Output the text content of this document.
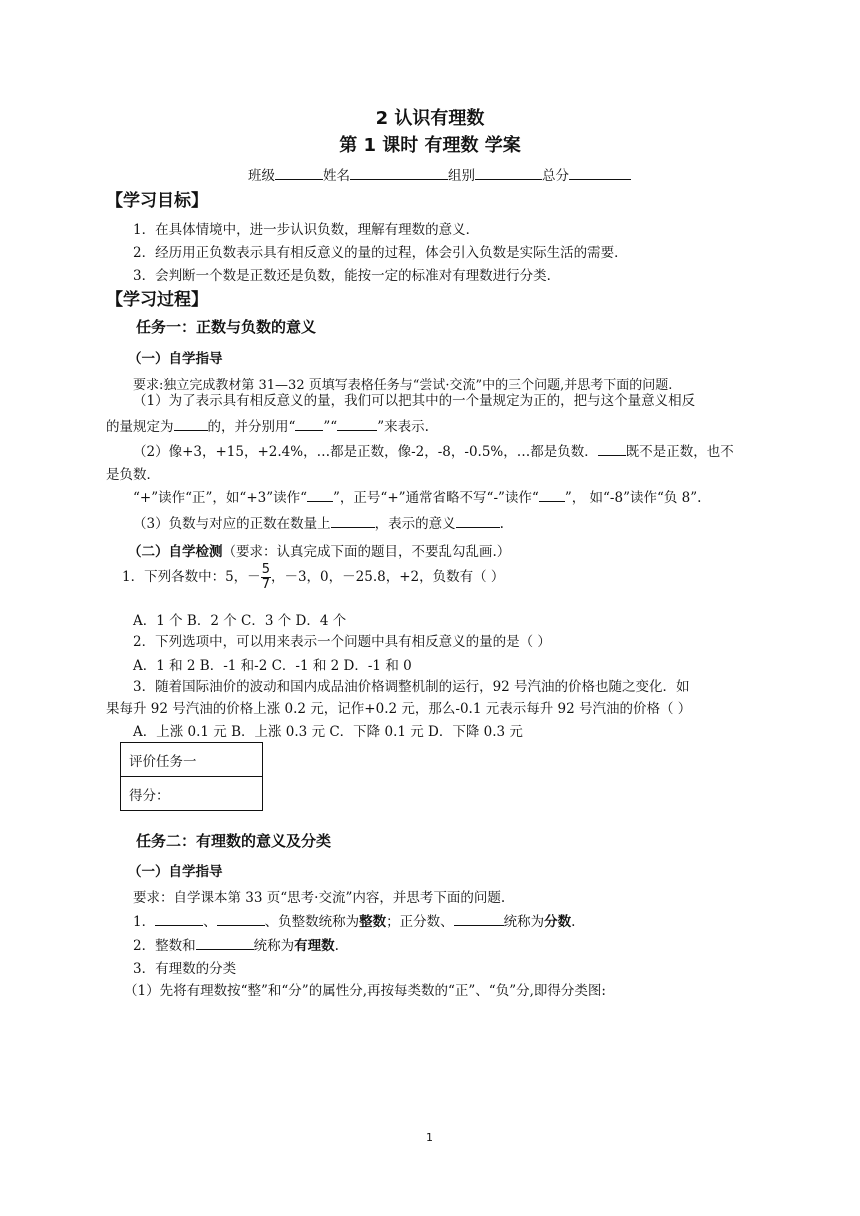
2 认识有理数
第 1 课时 有理数 学案
班级	姓名	组别	总分
【学习目标】
1．在具体情境中，进一步认识负数，理解有理数的意义．
2．经历用正负数表示具有相反意义的量的过程，体会引入负数是实际生活的需要．
3．会判断一个数是正数还是负数，能按一定的标准对有理数进行分类．
【学习过程】
任务一：正数与负数的意义
（一）自学指导
要求:独立完成教材第 31—32 页填写表格任务与“尝试·交流”中的三个问题,并思考下面的问题.
（1）为了表示具有相反意义的量，我们可以把其中的一个量规定为正的，把与这个量意义相反
的量规定为	的，并分别用“ ”“	”来表示.
（2）像+3，+15，+2.4%，…都是正数，像-2，-8，-0.5%，…都是负数． 既不是正数，也不
是负数．
“+”读作“正”，如“+3”读作“ ”，正号“+”通常省略不写“-”读作“ ”， 如“-8”读作“负 8”.
（3）负数与对应的正数在数量上	，表示的意义	.
（二）自学检测（要求：认真完成下面的题目，不要乱勾乱画.）
1．下列各数中：5，－ $\frac{5}{7}$ ，－3，0，－25.8，+2，负数有（ ）
A．1 个 B．2 个 C．3 个 D．4 个
2．下列选项中，可以用来表示一个问题中具有相反意义的量的是（ ）
A．1 和 2 B．-1 和-2 C．-1 和 2 D．-1 和 0
3．随着国际油价的波动和国内成品油价格调整机制的运行，92 号汽油的价格也随之变化．如
果每升 92 号汽油的价格上涨 0.2 元，记作+0.2 元，那么-0.1 元表示每升 92 号汽油的价格（ ）
A．上涨 0.1 元 B．上涨 0.3 元 C．下降 0.1 元 D．下降 0.3 元
评价任务一
得分：
任务二：有理数的意义及分类
（一）自学指导
要求：自学课本第 33 页“思考·交流”内容，并思考下面的问题.
1．	、	、负整数统称为整数；正分数、	统称为分数.
2．整数和	统称为有理数.
3．有理数的分类
（1）先将有理数按“整”和“分”的属性分,再按每类数的“正”、“负”分,即得分类图:
1
